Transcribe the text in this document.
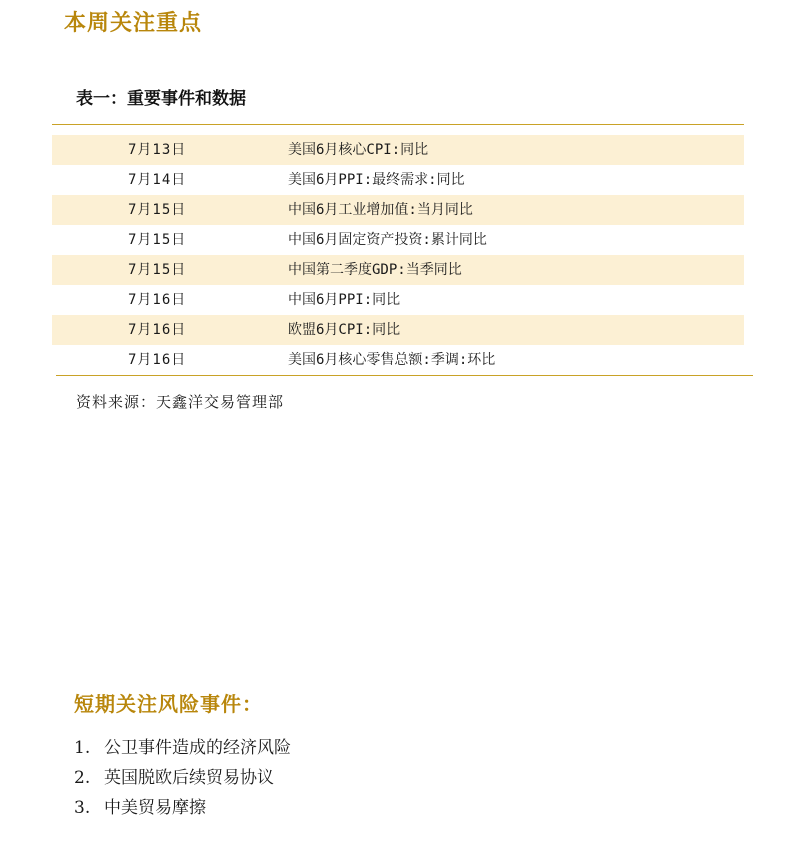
本周关注重点
表一：重要事件和数据
7月13日	美国6月核心CPI:同比
7月14日	美国6月PPI:最终需求:同比
7月15日	中国6月工业增加值:当月同比
7月15日	中国6月固定资产投资:累计同比
7月15日	中国第二季度GDP:当季同比
7月16日	中国6月PPI:同比
7月16日	欧盟6月CPI:同比
7月16日	美国6月核心零售总额:季调:环比
资料来源：天鑫洋交易管理部
短期关注风险事件：
1. 公卫事件造成的经济风险
2. 英国脱欧后续贸易协议
3. 中美贸易摩擦
